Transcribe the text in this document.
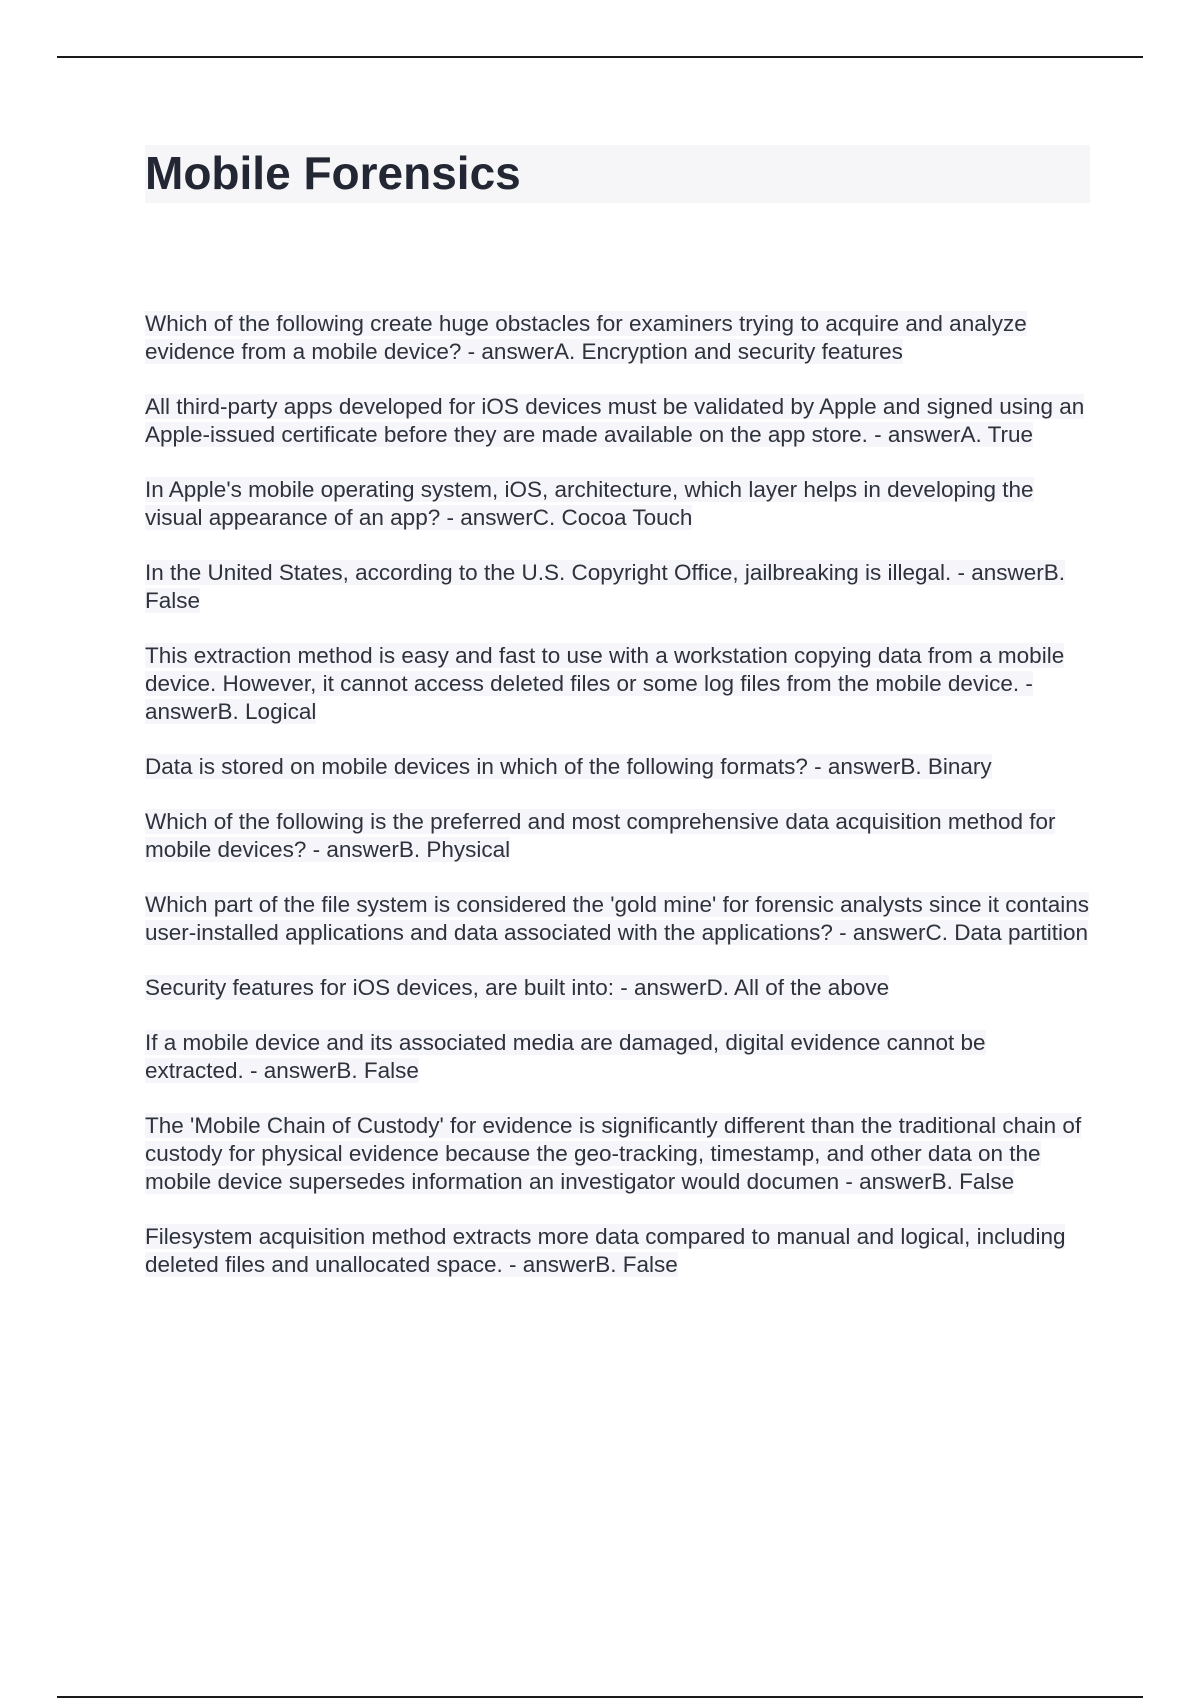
Mobile Forensics

Which of the following create huge obstacles for examiners trying to acquire and analyze evidence from a mobile device? - answerA. Encryption and security features

All third-party apps developed for iOS devices must be validated by Apple and signed using an Apple-issued certificate before they are made available on the app store. - answerA. True

In Apple's mobile operating system, iOS, architecture, which layer helps in developing the visual appearance of an app? - answerC. Cocoa Touch

In the United States, according to the U.S. Copyright Office, jailbreaking is illegal. - answerB. False

This extraction method is easy and fast to use with a workstation copying data from a mobile device. However, it cannot access deleted files or some log files from the mobile device. - answerB. Logical

Data is stored on mobile devices in which of the following formats? - answerB. Binary

Which of the following is the preferred and most comprehensive data acquisition method for mobile devices? - answerB. Physical

Which part of the file system is considered the 'gold mine' for forensic analysts since it contains user-installed applications and data associated with the applications? - answerC. Data partition

Security features for iOS devices, are built into: - answerD. All of the above

If a mobile device and its associated media are damaged, digital evidence cannot be extracted. - answerB. False

The 'Mobile Chain of Custody' for evidence is significantly different than the traditional chain of custody for physical evidence because the geo-tracking, timestamp, and other data on the mobile device supersedes information an investigator would documen - answerB. False

Filesystem acquisition method extracts more data compared to manual and logical, including deleted files and unallocated space. - answerB. False
